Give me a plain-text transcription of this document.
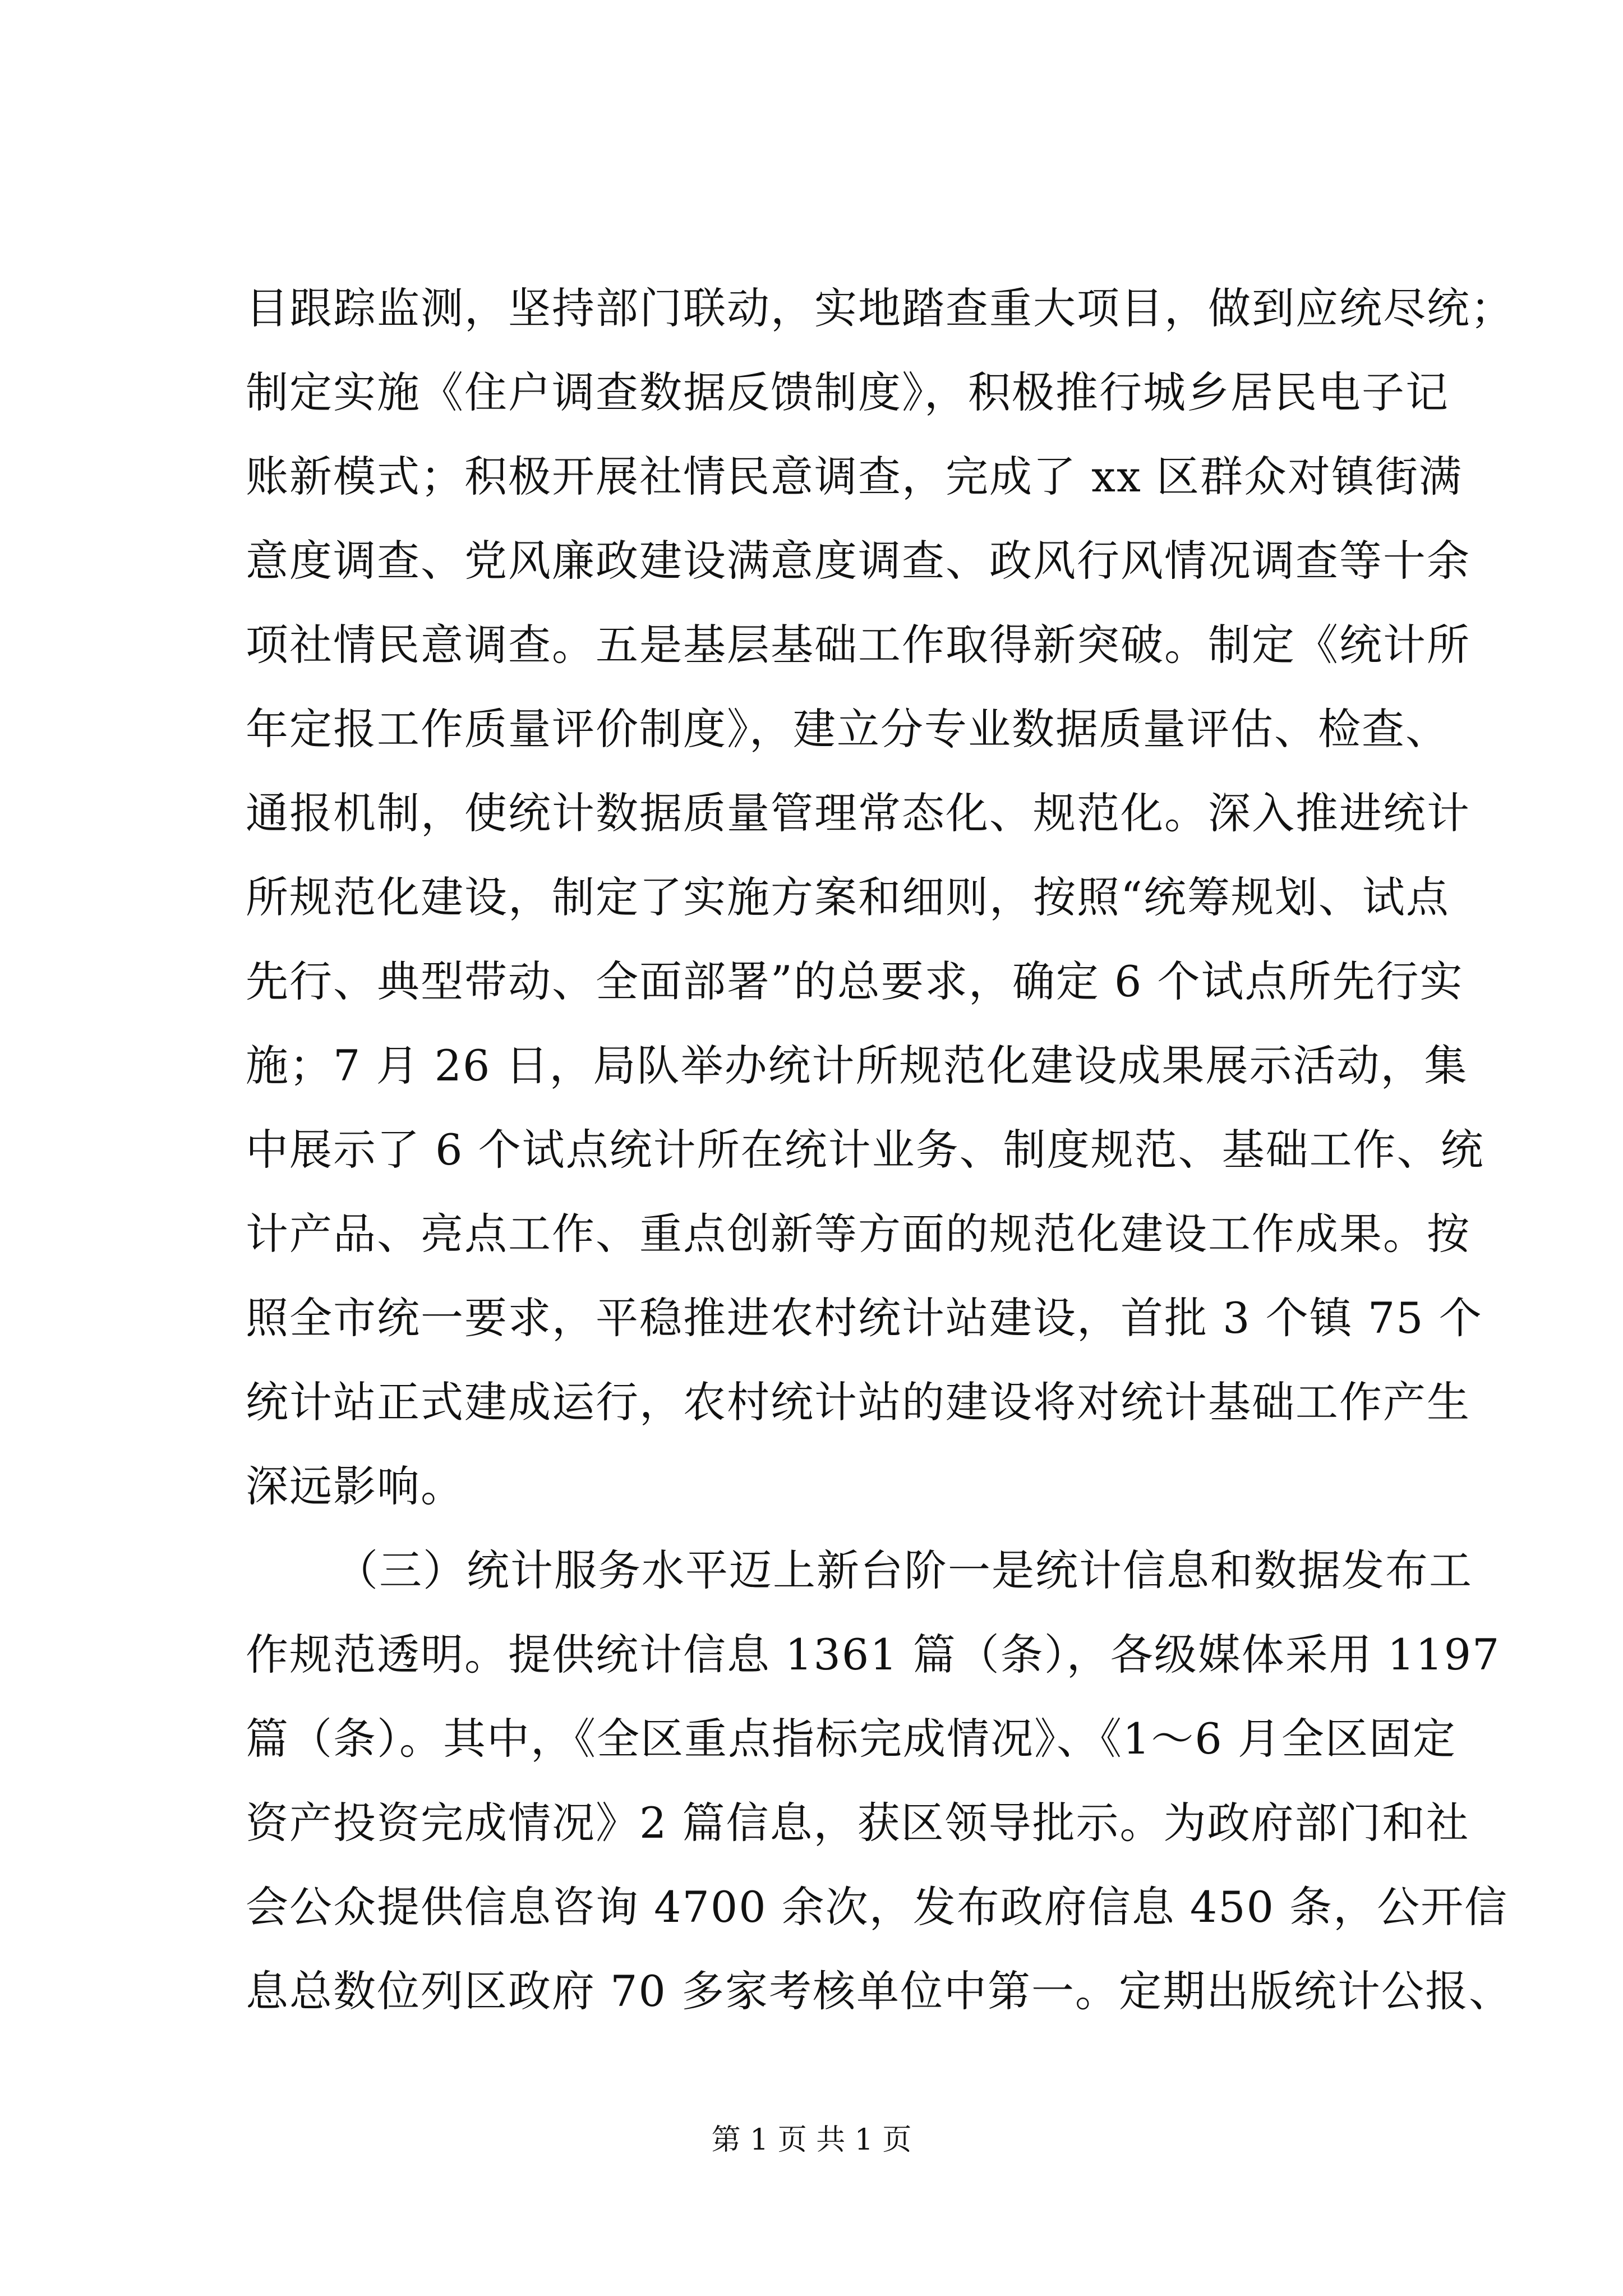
目跟踪监测，坚持部门联动，实地踏查重大项目，做到应统尽统；
制定实施《住户调查数据反馈制度》，积极推行城乡居民电子记
账新模式；积极开展社情民意调查，完成了 xx 区群众对镇街满
意度调查、党风廉政建设满意度调查、政风行风情况调查等十余
项社情民意调查。五是基层基础工作取得新突破。制定《统计所
年定报工作质量评价制度》，建立分专业数据质量评估、检查、
通报机制，使统计数据质量管理常态化、规范化。深入推进统计
所规范化建设，制定了实施方案和细则，按照“统筹规划、试点
先行、典型带动、全面部署”的总要求，确定 6 个试点所先行实
施；7 月 26 日，局队举办统计所规范化建设成果展示活动，集
中展示了 6 个试点统计所在统计业务、制度规范、基础工作、统
计产品、亮点工作、重点创新等方面的规范化建设工作成果。按
照全市统一要求，平稳推进农村统计站建设，首批 3 个镇 75 个
统计站正式建成运行，农村统计站的建设将对统计基础工作产生
深远影响。
（三）统计服务水平迈上新台阶一是统计信息和数据发布工
作规范透明。提供统计信息 1361 篇（条），各级媒体采用 1197
篇（条）。其中，《全区重点指标完成情况》、《1～6 月全区固定
资产投资完成情况》2 篇信息，获区领导批示。为政府部门和社
会公众提供信息咨询 4700 余次，发布政府信息 450 条，公开信
息总数位列区政府 70 多家考核单位中第一。定期出版统计公报、
第 1 页 共 1 页
